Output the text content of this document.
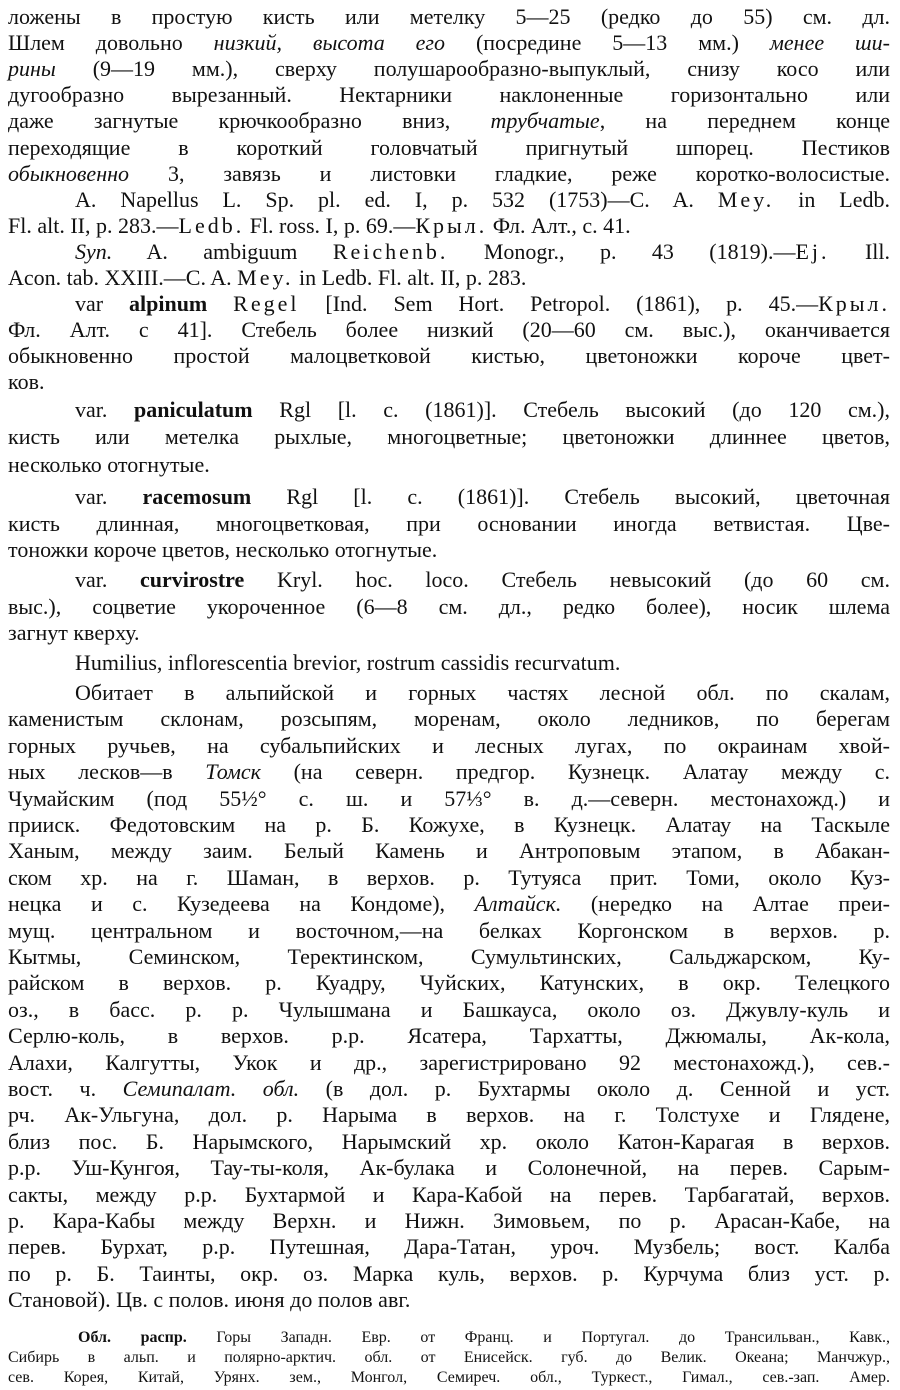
ложены в простую кисть или метелку 5—25 (редко до 55) см. дл.
Шлем довольно низкий, высота его (посредине 5—13 мм.) менее ши-
рины (9—19 мм.), сверху полушарообразно-выпуклый, снизу косо или
дугообразно вырезанный. Нектарники наклоненные горизонтально или
даже загнутые крючкообразно вниз, трубчатые, на переднем конце
переходящие в короткий головчатый пригнутый шпорец. Пестиков
обыкновенно 3, завязь и листовки гладкие, реже коротко-волосистые.
A. Napellus L. Sp. pl. ed. I, p. 532 (1753)—C. A. Mey. in Ledb.
Fl. alt. II, p. 283.—Ledb. Fl. ross. I, p. 69.—Крыл. Фл. Алт., с. 41.
Syn. A. ambiguum Reichenb. Monogr., p. 43 (1819).—Ej. Ill.
Acon. tab. XXIII.—C. A. Mey. in Ledb. Fl. alt. II, p. 283.
var alpinum Regel [Ind. Sem Hort. Petropol. (1861), p. 45.—Крыл.
Фл. Алт. с 41]. Стебель более низкий (20—60 см. выс.), оканчивается
обыкновенно простой малоцветковой кистью, цветоножки короче цвет-
ков.
var. paniculatum Rgl [l. c. (1861)]. Стебель высокий (до 120 см.),
кисть или метелка рыхлые, многоцветные; цветоножки длиннее цветов,
несколько отогнутые.
var. racemosum Rgl [l. c. (1861)]. Стебель высокий, цветочная
кисть длинная, многоцветковая, при основании иногда ветвистая. Цве-
тоножки короче цветов, несколько отогнутые.
var. curvirostre Kryl. hoc. loco. Стебель невысокий (до 60 см.
выс.), соцветие укороченное (6—8 см. дл., редко более), носик шлема
загнут кверху.
Humilius, inflorescentia brevior, rostrum cassidis recurvatum.
Обитает в альпийской и горных частях лесной обл. по скалам,
каменистым склонам, розсыпям, моренам, около ледников, по берегам
горных ручьев, на субальпийских и лесных лугах, по окраинам хвой-
ных лесков—в Томск (на северн. предгор. Кузнецк. Алатау между с.
Чумайским (под 55½° с. ш. и 57⅓° в. д.—северн. местонахожд.) и
прииск. Федотовским на р. Б. Кожухе, в Кузнецк. Алатау на Таскыле
Ханым, между заим. Белый Камень и Антроповым этапом, в Абакан-
ском хр. на г. Шаман, в верхов. р. Тутуяса прит. Томи, около Куз-
нецка и с. Кузедеева на Кондоме), Алтайск. (нередко на Алтае преи-
мущ. центральном и восточном,—на белках Коргонском в верхов. р.
Кытмы, Семинском, Теректинском, Сумультинских, Сальджарском, Ку-
райском в верхов. р. Куадру, Чуйских, Катунских, в окр. Телецкого
оз., в басс. р. р. Чулышмана и Башкауса, около оз. Джувлу-куль и
Серлю-коль, в верхов. р.р. Ясатера, Тархатты, Джюмалы, Ак-кола,
Алахи, Калгутты, Укок и др., зарегистрировано 92 местонахожд.), сев.-
вост. ч. Семипалат. обл. (в дол. р. Бухтармы около д. Сенной и уст.
рч. Ак-Ульгуна, дол. р. Нарыма в верхов. на г. Толстухе и Глядене,
близ пос. Б. Нарымского, Нарымский хр. около Катон-Карагая в верхов.
р.р. Уш-Кунгоя, Тау-ты-коля, Ак-булака и Солонечной, на перев. Сарым-
сакты, между р.р. Бухтармой и Кара-Кабой на перев. Тарбагатай, верхов.
р. Кара-Кабы между Верхн. и Нижн. Зимовьем, по р. Арасан-Кабе, на
перев. Бурхат, р.р. Путешная, Дара-Татан, уроч. Музбель; вост. Калба
по р. Б. Таинты, окр. оз. Марка куль, верхов. р. Курчума близ уст. р.
Становой). Цв. с полов. июня до полов авг.
Обл. распр. Горы Западн. Евр. от Франц. и Португал. до Трансильван., Кавк.,
Сибирь в альп. и полярно-арктич. обл. от Енисейск. губ. до Велик. Океана; Манчжур.,
сев. Корея, Китай, Урянх. зем., Монгол, Семиреч. обл., Туркест., Гимал., сев.-зап. Амер.
